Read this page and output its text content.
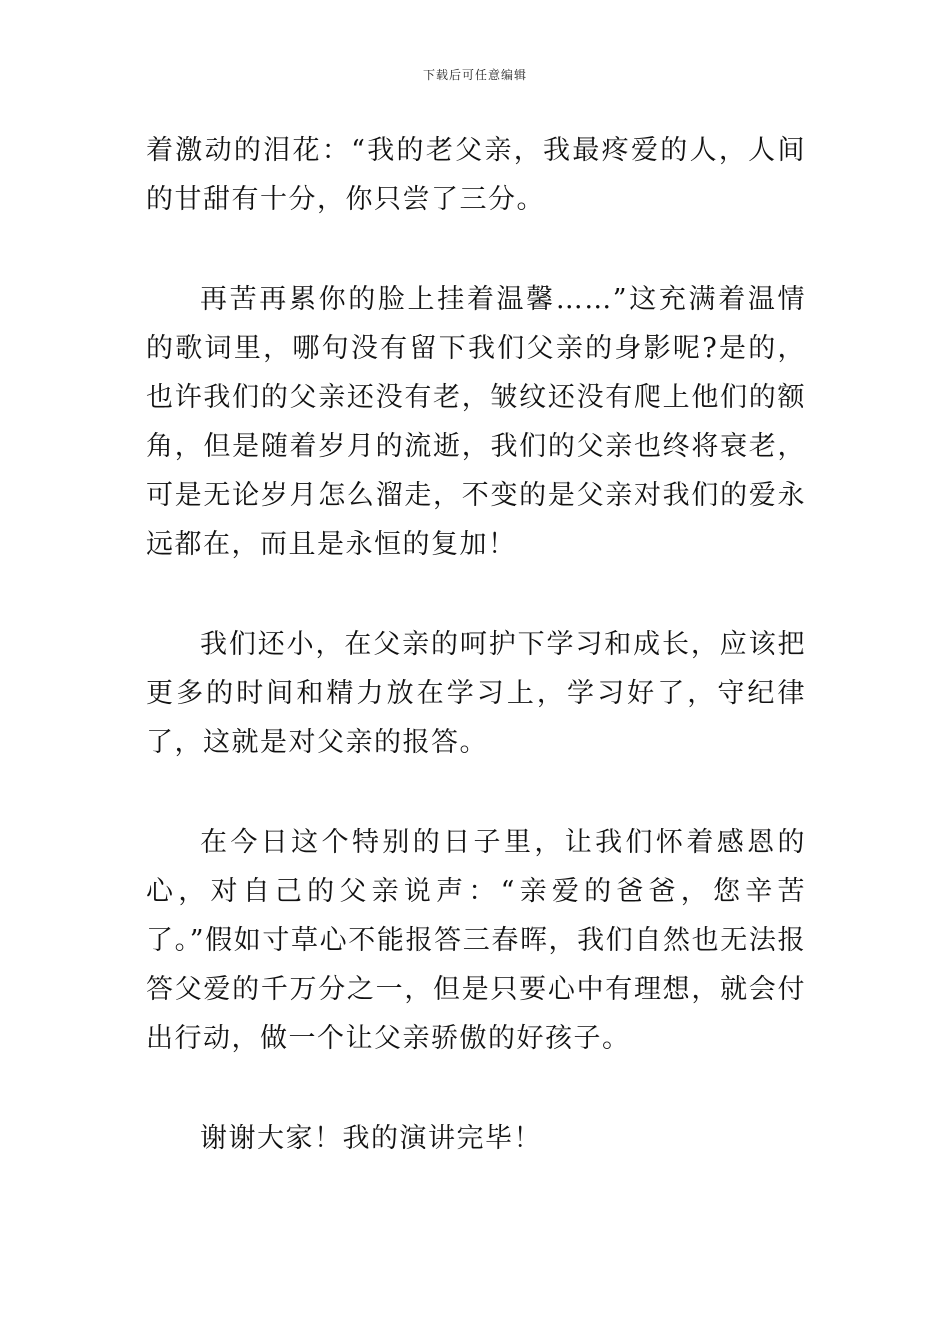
下载后可任意编辑

着激动的泪花：“我的老父亲，我最疼爱的人，人间的甘甜有十分，你只尝了三分。

再苦再累你的脸上挂着温馨……”这充满着温情的歌词里，哪句没有留下我们父亲的身影呢?是的，也许我们的父亲还没有老，皱纹还没有爬上他们的额角，但是随着岁月的流逝，我们的父亲也终将衰老，可是无论岁月怎么溜走，不变的是父亲对我们的爱永远都在，而且是永恒的复加！

我们还小，在父亲的呵护下学习和成长，应该把更多的时间和精力放在学习上，学习好了，守纪律了，这就是对父亲的报答。

在今日这个特别的日子里，让我们怀着感恩的心，对自己的父亲说声：“亲爱的爸爸，您辛苦了。”假如寸草心不能报答三春晖，我们自然也无法报答父爱的千万分之一，但是只要心中有理想，就会付出行动，做一个让父亲骄傲的好孩子。

谢谢大家！我的演讲完毕！
